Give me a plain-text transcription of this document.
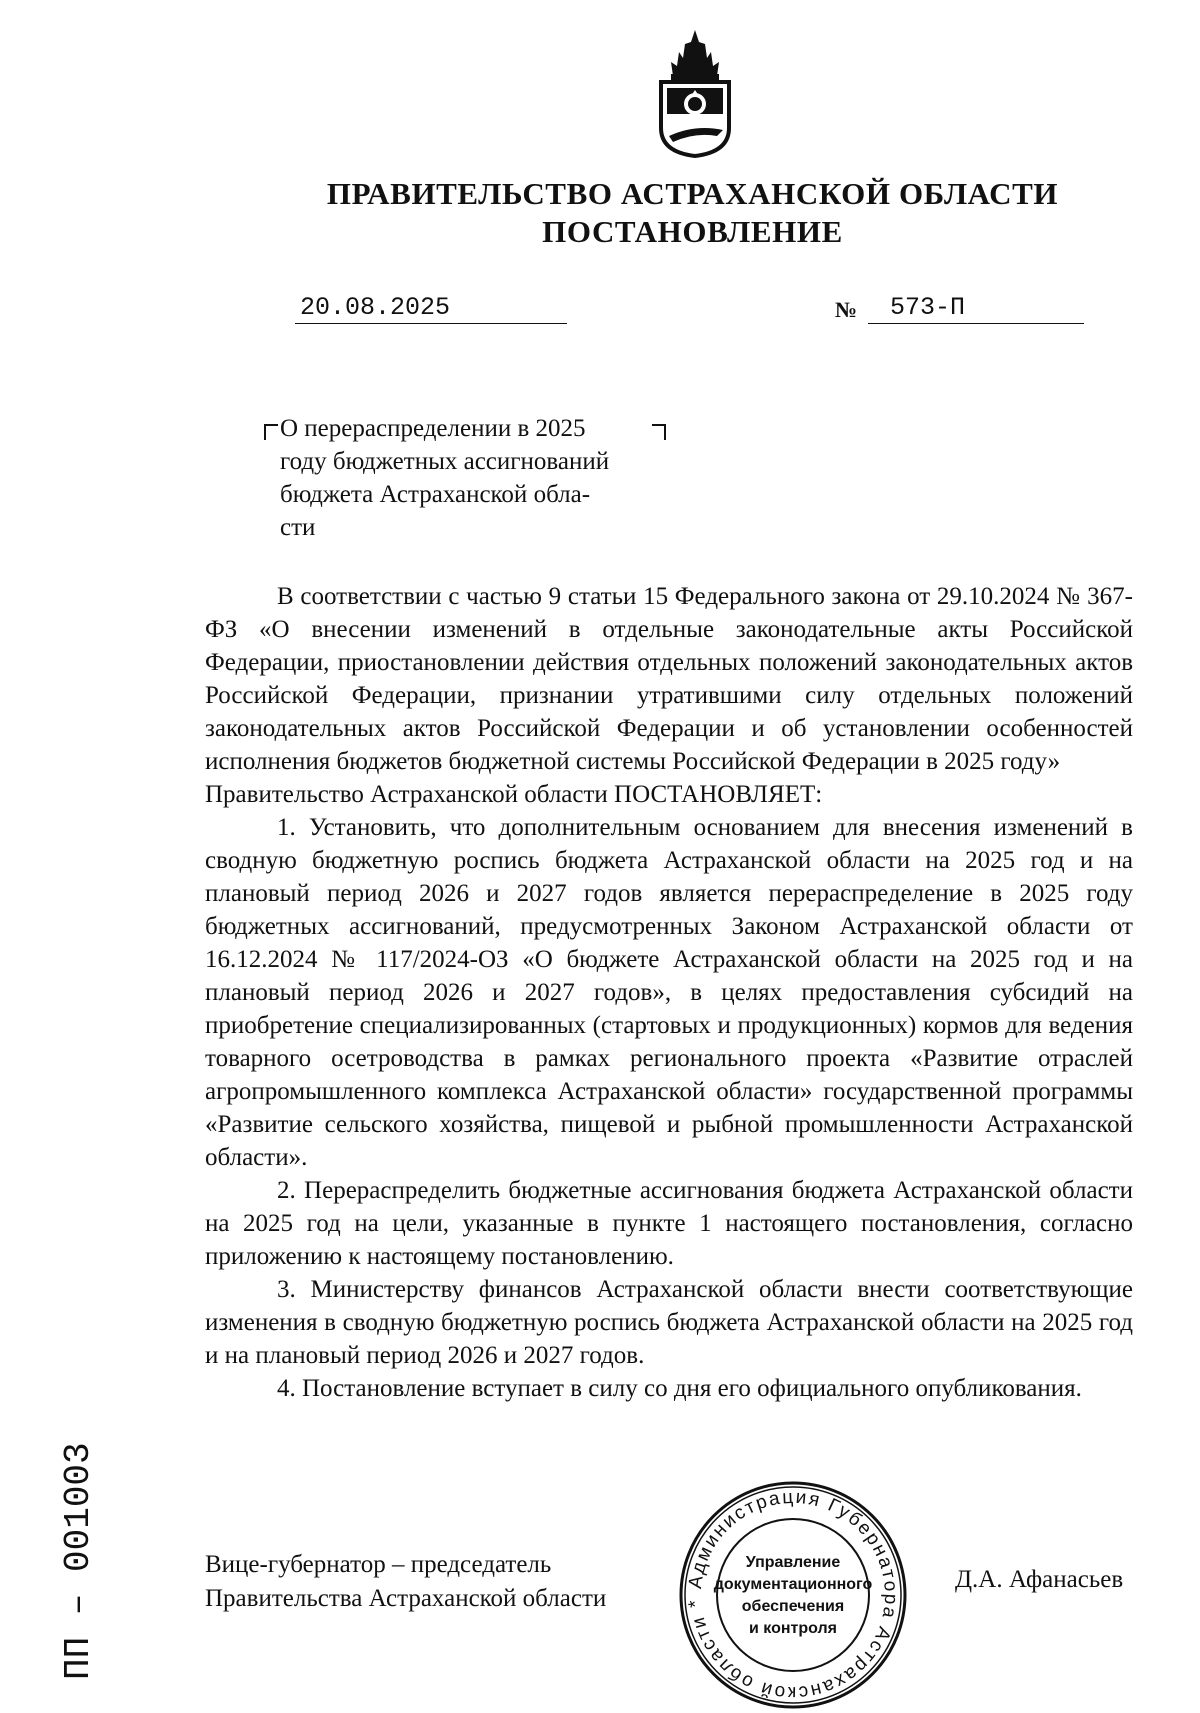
ПРАВИТЕЛЬСТВО АСТРАХАНСКОЙ ОБЛАСТИ
ПОСТАНОВЛЕНИЕ
20.08.2025	№ 573-П
О перераспределении в 2025
году бюджетных ассигнований
бюджета Астраханской обла-
сти

В соответствии с частью 9 статьи 15 Федерального закона от 29.10.2024 № 367-ФЗ «О внесении изменений в отдельные законодательные акты Российской Федерации, приостановлении действия отдельных положений законодательных актов Российской Федерации, признании утратившими силу отдельных положений законодательных актов Российской Федерации и об установлении особенностей исполнения бюджетов бюджетной системы Российской Федерации в 2025 году»

Правительство Астраханской области ПОСТАНОВЛЯЕТ:

1. Установить, что дополнительным основанием для внесения изменений в сводную бюджетную роспись бюджета Астраханской области на 2025 год и на плановый период 2026 и 2027 годов является перераспределение в 2025 году бюджетных ассигнований, предусмотренных Законом Астраханской области от 16.12.2024 № 117/2024-ОЗ «О бюджете Астраханской области на 2025 год и на плановый период 2026 и 2027 годов», в целях предоставления субсидий на приобретение специализированных (стартовых и продукционных) кормов для ведения товарного осетроводства в рамках регионального проекта «Развитие отраслей агропромышленного комплекса Астраханской области» государственной программы «Развитие сельского хозяйства, пищевой и рыбной промышленности Астраханской области».

2. Перераспределить бюджетные ассигнования бюджета Астраханской области на 2025 год на цели, указанные в пункте 1 настоящего постановления, согласно приложению к настоящему постановлению.

3. Министерству финансов Астраханской области внести соответствующие изменения в сводную бюджетную роспись бюджета Астраханской области на 2025 год и на плановый период 2026 и 2027 годов.

4. Постановление вступает в силу со дня его официального опубликования.

Вице-губернатор – председатель
Правительства Астраханской области
Д.А. Афанасьев
Администрация Губернатора Астраханской области *
Управление
документационного
обеспечения
и контроля
ПП – 001003
